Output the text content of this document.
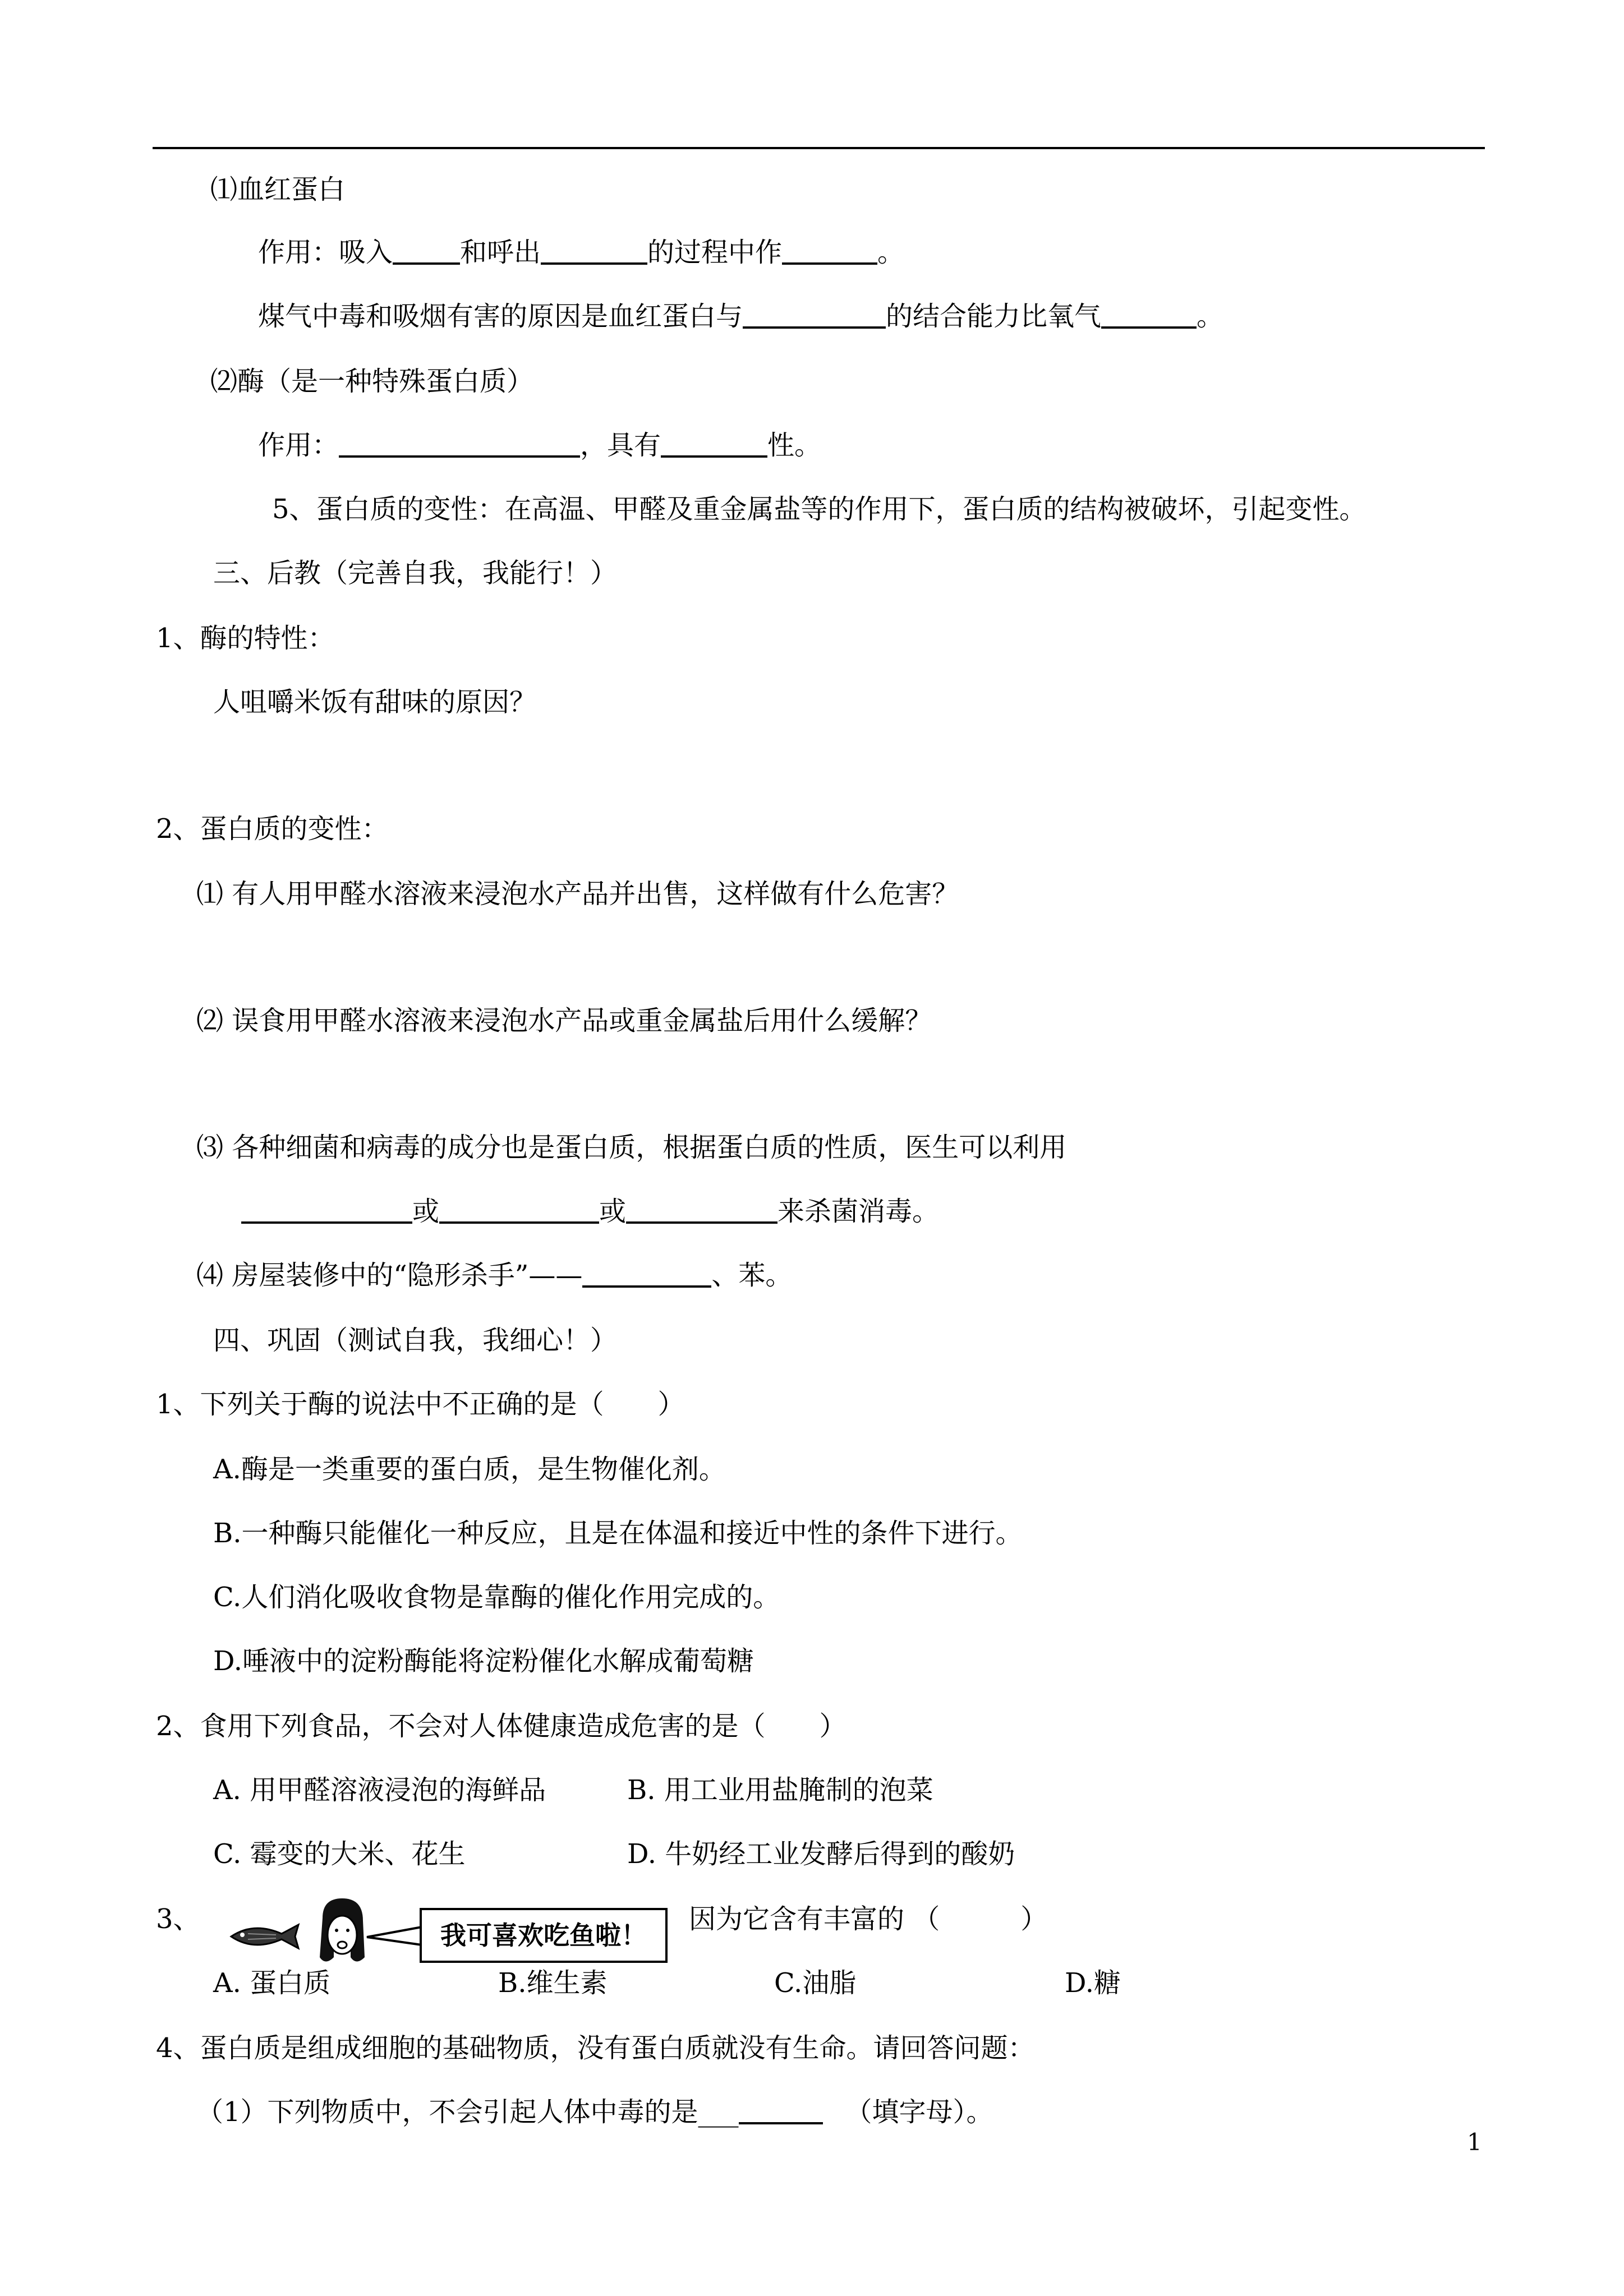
⑴血红蛋白
作用：吸入	和呼出	的过程中作	。
煤气中毒和吸烟有害的原因是血红蛋白与	的结合能力比氧气	。
⑵酶（是一种特殊蛋白质）
作用：	，具有	性。
5、蛋白质的变性：在高温、甲醛及重金属盐等的作用下，蛋白质的结构被破坏，引起变性。
三、后教（完善自我，我能行！）
1、酶的特性：
人咀嚼米饭有甜味的原因？
2、蛋白质的变性：
⑴ 有人用甲醛水溶液来浸泡水产品并出售，这样做有什么危害？
⑵ 误食用甲醛水溶液来浸泡水产品或重金属盐后用什么缓解？
⑶ 各种细菌和病毒的成分也是蛋白质，根据蛋白质的性质，医生可以利用
或	或	来杀菌消毒。
⑷ 房屋装修中的“隐形杀手”——	、苯。
四、巩固（测试自我，我细心！）
1、下列关于酶的说法中不正确的是（　　）
A.酶是一类重要的蛋白质，是生物催化剂。
B.一种酶只能催化一种反应，且是在体温和接近中性的条件下进行。
C.人们消化吸收食物是靠酶的催化作用完成的。
D.唾液中的淀粉酶能将淀粉催化水解成葡萄糖
2、食用下列食品，不会对人体健康造成危害的是（　　）
A. 用甲醛溶液浸泡的海鲜品	B. 用工业用盐腌制的泡菜
C. 霉变的大米、花生	D. 牛奶经工业发酵后得到的酸奶
3、
我可喜欢吃鱼啦！
因为它含有丰富的 （　　　）
A. 蛋白质	B.维生素	C.油脂	D.糖
4、蛋白质是组成细胞的基础物质，没有蛋白质就没有生命。请回答问题：
（1）下列物质中，不会引起人体中毒的是___	（填字母）。
1
